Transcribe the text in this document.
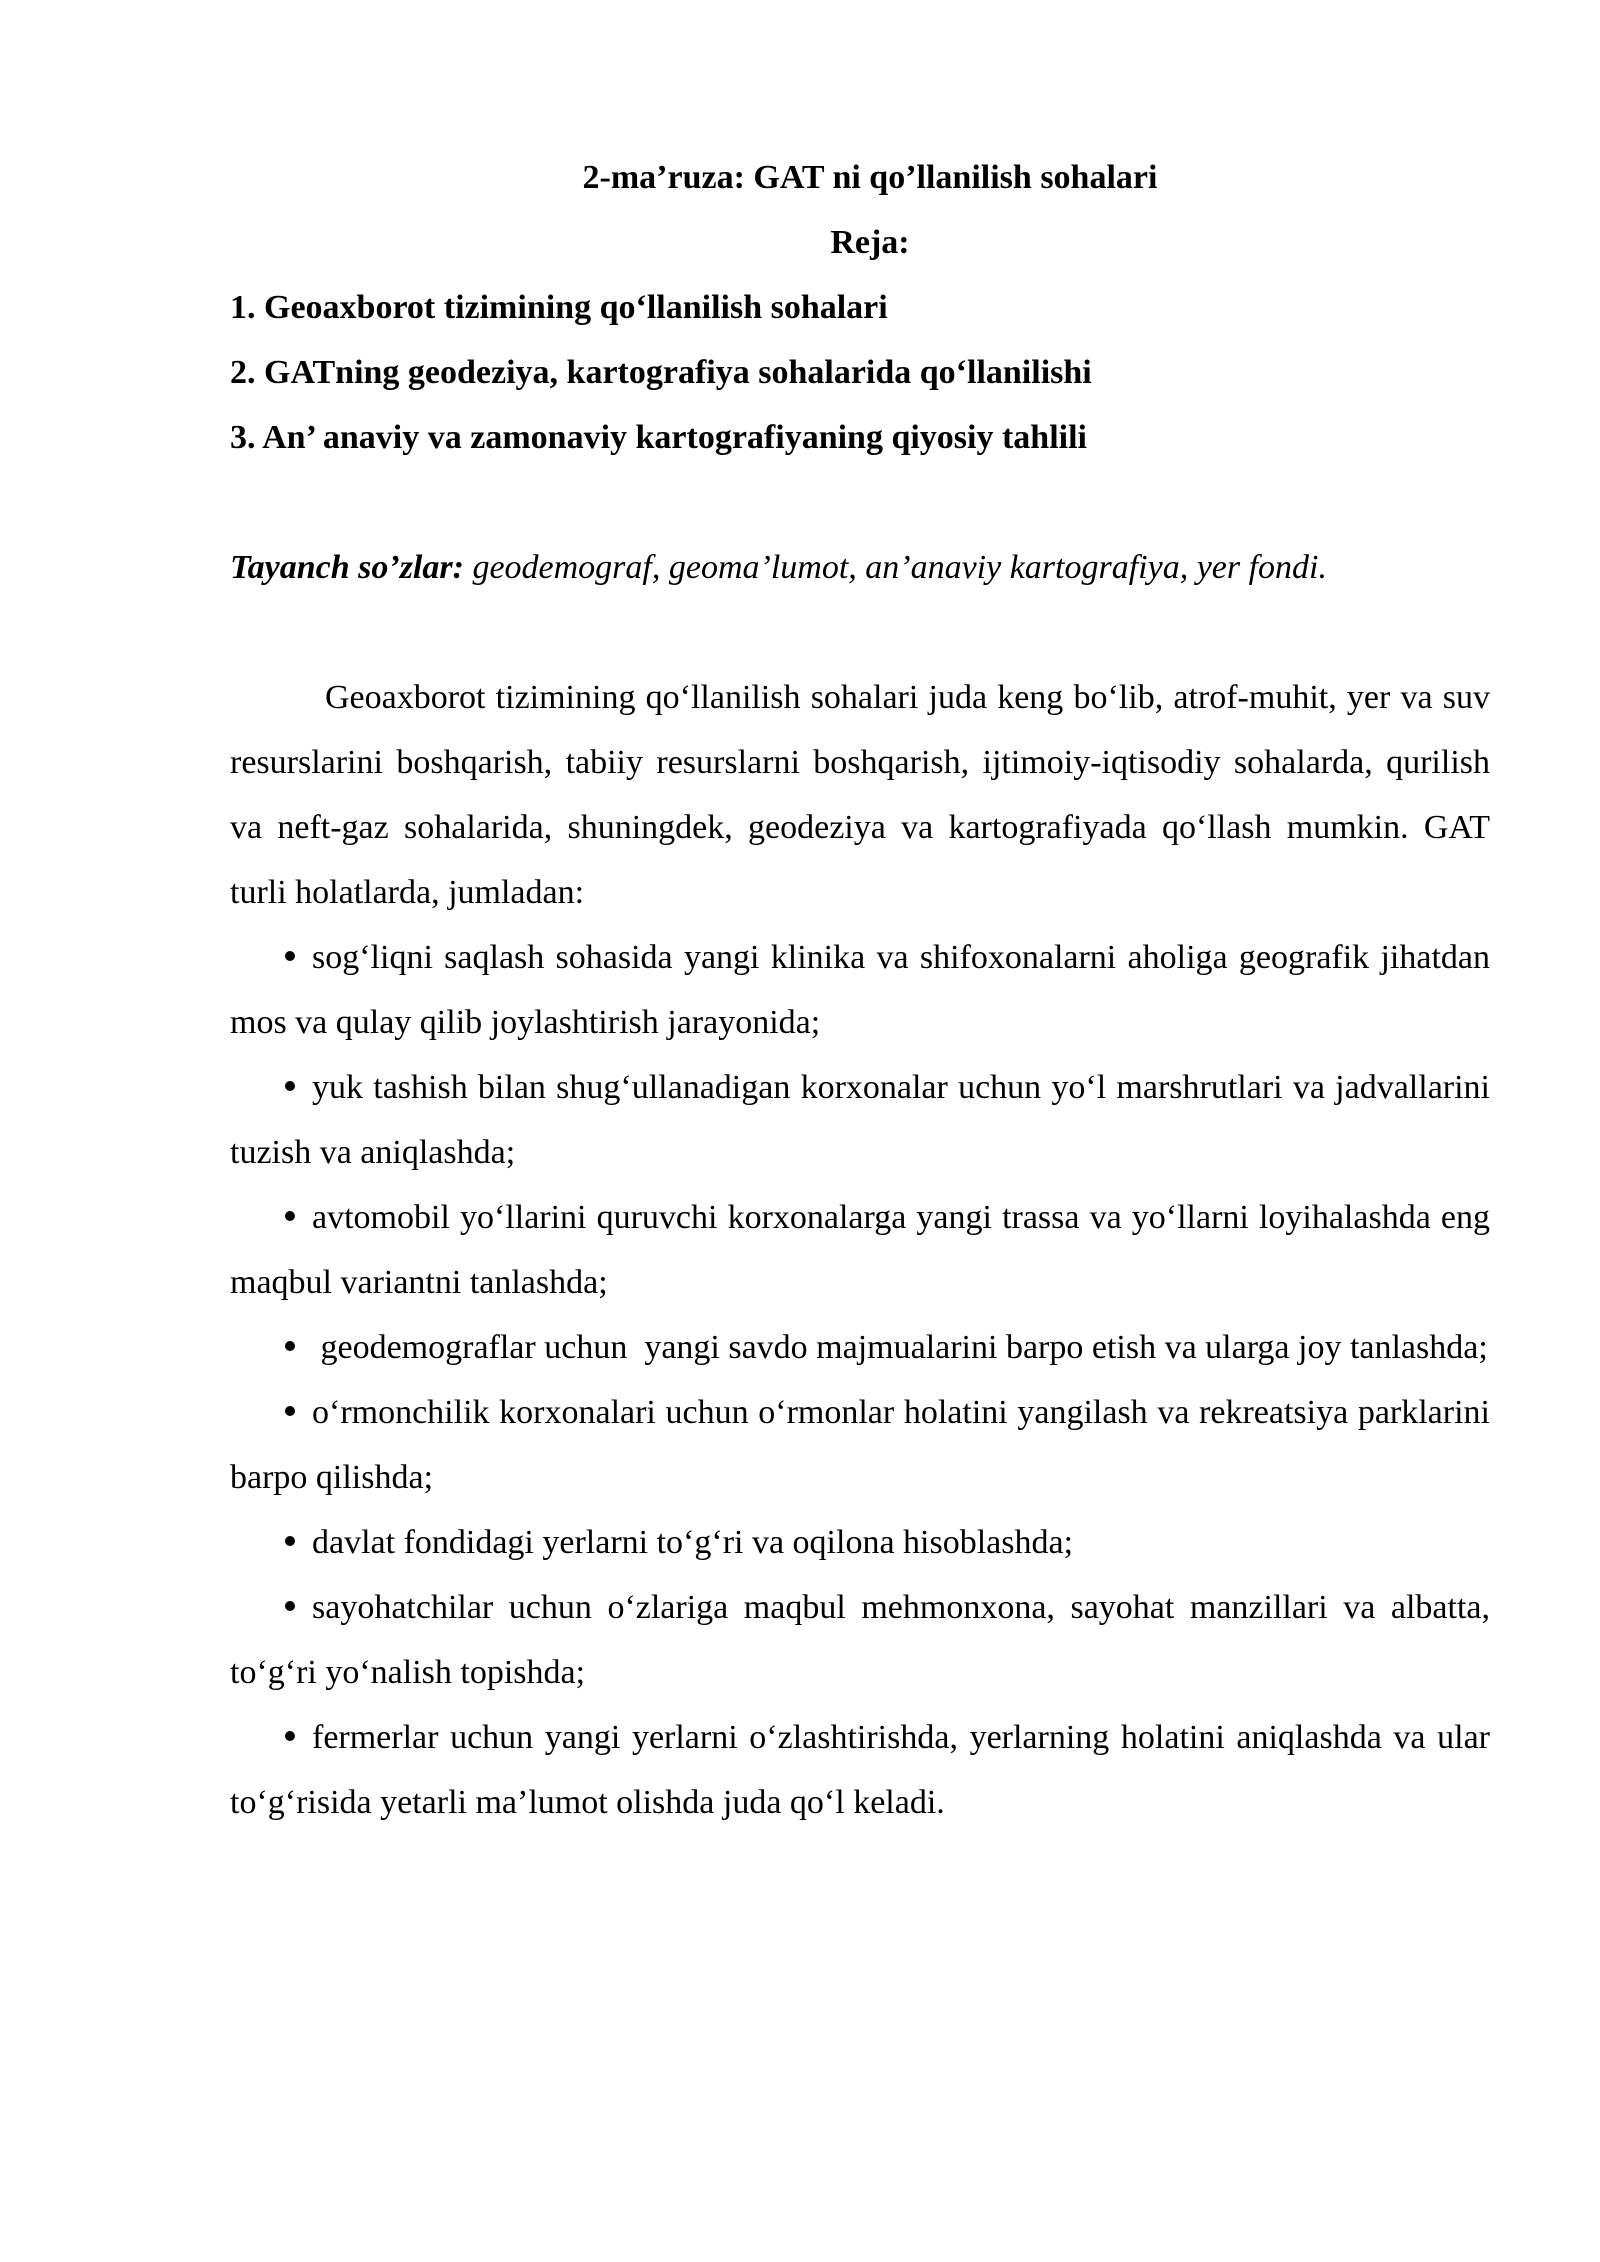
2-ma’ruza: GAT ni qo’llanilish sohalari

Reja:

1. Geoaxborot tizimining qo‘llanilish sohalari

2. GATning geodeziya, kartografiya sohalarida qo‘llanilishi

3. An’ anaviy va zamonaviy kartografiyaning qiyosiy tahlili

Tayanch so’zlar: geodemograf, geoma’lumot, an’anaviy kartografiya, yer fondi.

Geoaxborot tizimining qo‘llanilish sohalari juda keng bo‘lib, atrof-muhit, yer va suv resurslarini boshqarish, tabiiy resurslarni boshqarish, ijtimoiy-iqtisodiy sohalarda, qurilish va neft-gaz sohalarida, shuningdek, geodeziya va kartografiyada qo‘llash mumkin. GAT turli holatlarda, jumladan:

sog‘liqni saqlash sohasida yangi klinika va shifoxonalarni aholiga geografik jihatdan mos va qulay qilib joylashtirish jarayonida;

yuk tashish bilan shug‘ullanadigan korxonalar uchun yo‘l marshrutlari va jadvallarini tuzish va aniqlashda;

avtomobil yo‘llarini quruvchi korxonalarga yangi trassa va yo‘llarni loyihalashda eng maqbul variantni tanlashda;

geodemograflar uchun  yangi savdo majmualarini barpo etish va ularga joy tanlashda;

o‘rmonchilik korxonalari uchun o‘rmonlar holatini yangilash va rekreatsiya parklarini barpo qilishda;

davlat fondidagi yerlarni to‘g‘ri va oqilona hisoblashda;

sayohatchilar uchun o‘zlariga maqbul mehmonxona, sayohat manzillari va albatta, to‘g‘ri yo‘nalish topishda;

fermerlar uchun yangi yerlarni o‘zlashtirishda, yerlarning holatini aniqlashda va ular to‘g‘risida yetarli ma’lumot olishda juda qo‘l keladi.
